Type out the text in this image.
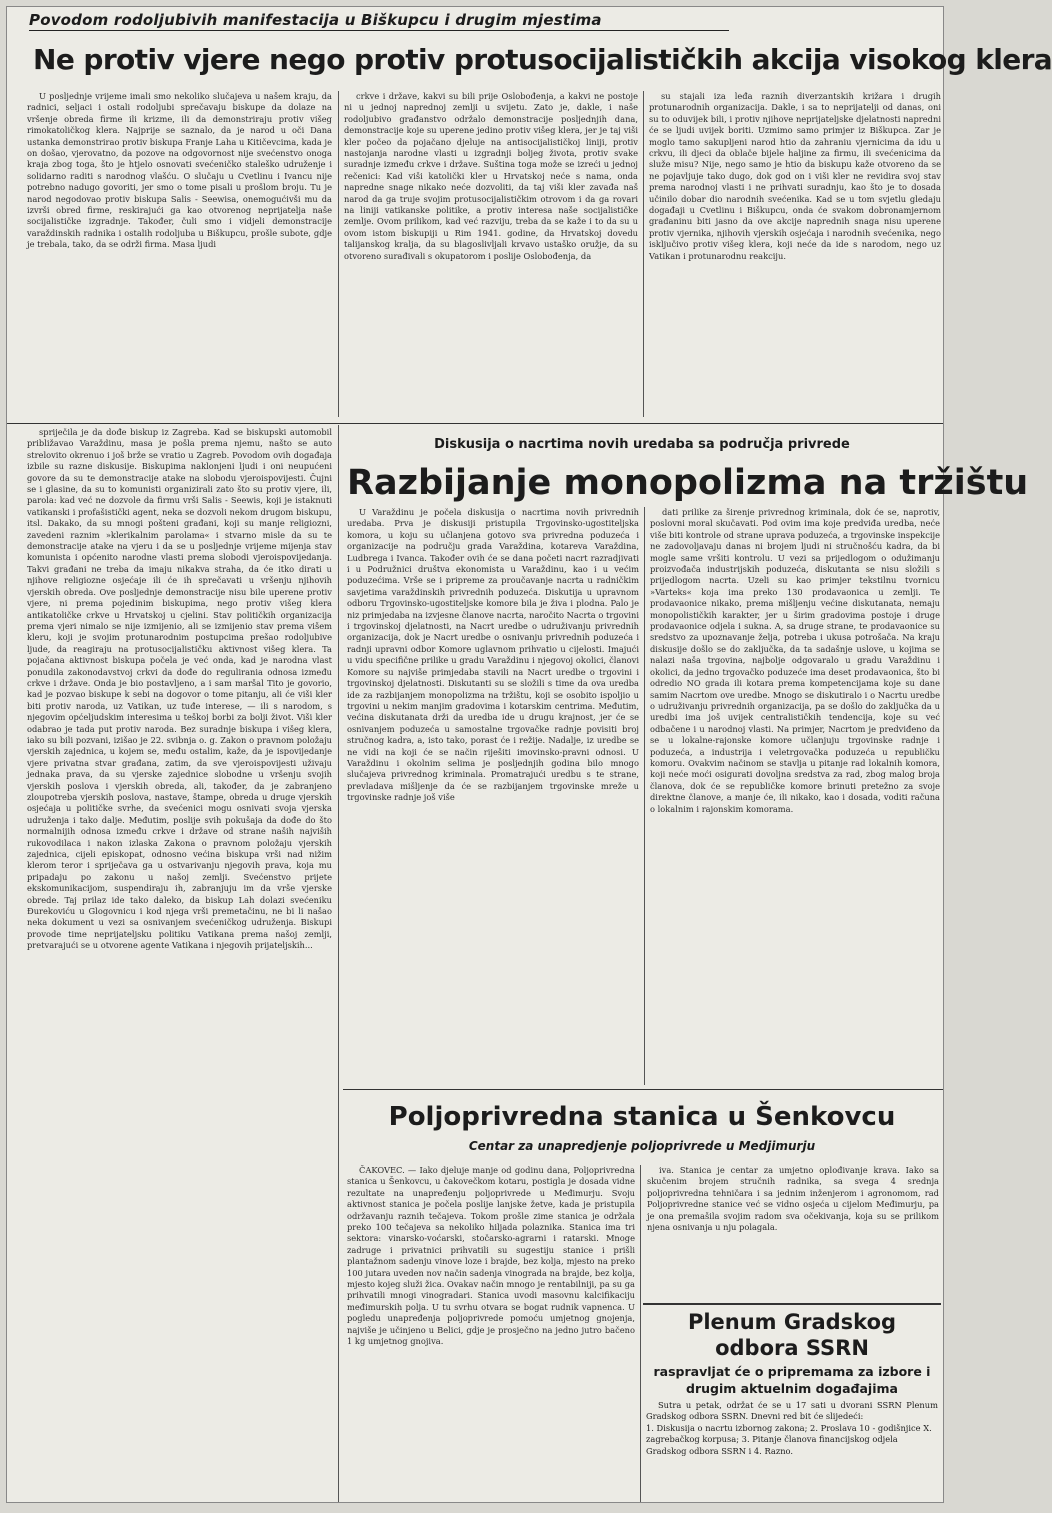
Povodom rodoljubivih manifestacija u Biškupcu i drugim mjestima
Ne protiv vjere nego protiv protusocijalističkih akcija visokog klera
U posljednje vrijeme imali smo nekoliko slučajeva u našem kraju, da radnici, seljaci i ostali rodoljubi sprečavaju biskupe da dolaze na vršenje obreda firme ili krizme, ili da demonstriraju protiv višeg rimokatoličkog klera. Najprije se saznalo, da je narod u oči Dana ustanka demonstrirao protiv biskupa Franje Laha u Kitičevcima, kada je on došao, vjerovatno, da pozove na odgovornost nije svećenstvo onoga kraja zbog toga, što je htjelo osnovati svećeničko staleško udruženje i solidarno raditi s narodnog vlašću. O slučaju u Cvetlinu i Ivancu nije potrebno nadugo govoriti, jer smo o tome pisali u prošlom broju. Tu je narod negodovao protiv biskupa Salis - Seewisa, onemogućivši mu da izvrši obred firme, reskirajući ga kao otvorenog neprijatelja naše socijalističke izgradnje. Također, čuli smo i vidjeli demonstracije varaždinskih radnika i ostalih rodoljuba u Biškupcu, prošle subote, gdje je trebala, tako, da se održi firma. Masa ljudi
crkve i države, kakvi su bili prije Oslobođenja, a kakvi ne postoje ni u jednoj naprednoj zemlji u svijetu. Zato je, dakle, i naše rodoljubivo građanstvo održalo demonstracije posljednjih dana, demonstracije koje su uperene jedino protiv višeg klera, jer je taj viši kler počeo da pojačano djeluje na antisocijalističkoj liniji, protiv nastojanja narodne vlasti u izgradnji boljeg života, protiv svake suradnje između crkve i države. Suština toga može se izreći u jednoj rečenici: Kad viši katolički kler u Hrvatskoj neće s nama, onda napredne snage nikako neće dozvoliti, da taj viši kler zavađa naš narod da ga truje svojim protusocijalističkim otrovom i da ga rovari na liniji vatikanske politike, a protiv interesa naše socijalističke zemlje. Ovom prilikom, kad već razviju, treba da se kaže i to da su u ovom istom biskupiji u Rim 1941. godine, da Hrvatskoj dovedu talijanskog kralja, da su blagoslivljali krvavo ustaško oružje, da su otvoreno surađivali s okupatorom i poslije Oslobođenja, da
su stajali iza leđa raznih diverzantskih križara i drugih protunarodnih organizacija. Dakle, i sa to neprijatelji od danas, oni su to oduvijek bili, i protiv njihove neprijateljske djelatnosti napredni će se ljudi uvijek boriti. Uzmimo samo primjer iz Biškupca. Zar je moglo tamo sakupljeni narod htio da zahraniu vjernicima da idu u crkvu, ili djeci da oblače bijele haljine za firmu, ili svećenicima da služe misu? Nije, nego samo je htio da biskupu kaže otvoreno da se ne pojavljuje tako dugo, dok god on i viši kler ne revidira svoj stav prema narodnoj vlasti i ne prihvati suradnju, kao što je to dosada učinilo dobar dio narodnih svećenika. Kad se u tom svjetlu gledaju događaji u Cvetlinu i Biškupcu, onda će svakom dobronamjernom građaninu biti jasno da ove akcije naprednih snaga nisu uperene protiv vjernika, njihovih vjerskih osjećaja i narodnih svećenika, nego isključivo protiv višeg klera, koji neće da ide s narodom, nego uz Vatikan i protunarodnu reakciju.
spriječila je da dođe biskup iz Zagreba. Kad se biskupski automobil približavao Varaždinu, masa je pošla prema njemu, našto se auto strelovito okrenuo i još brže se vratio u Zagreb. Povodom ovih događaja izbile su razne diskusije. Biskupima naklonjeni ljudi i oni neupućeni govore da su te demonstracije atake na slobodu vjeroispovijesti. Čujni se i glasine, da su to komunisti organizirali zato što su protiv vjere, ili, parola: kad već ne dozvole da firmu vrši Salis - Seewis, koji je istaknuti vatikanski i profašistički agent, neka se dozvoli nekom drugom biskupu, itsl. Dakako, da su mnogi pošteni građani, koji su manje religiozni, zavedeni raznim »klerikalnim parolama« i stvarno misle da su te demonstracije atake na vjeru i da se u posljednje vrijeme mijenja stav komunista i općenito narodne vlasti prema slobodi vjeroispovijedanja. Takvi građani ne treba da imaju nikakva straha, da će itko dirati u njihove religiozne osjećaje ili će ih sprečavati u vršenju njihovih vjerskih obreda. Ove posljednje demonstracije nisu bile uperene protiv vjere, ni prema pojedinim biskupima, nego protiv višeg klera antikatoličke crkve u Hrvatskoj u cjelini. Stav političkih organizacija prema vjeri nimalo se nije izmijenio, ali se izmijenio stav prema višem kleru, koji je svojim protunarodnim postupcima prešao rodoljubive ljude, da reagiraju na protusocijalističku aktivnost višeg klera. Ta pojačana aktivnost biskupa počela je već onda, kad je narodna vlast ponudila zakonodavstvoj crkvi da dođe do regulirania odnosa između crkve i države. Onda je bio postavljeno, a i sam maršal Tito je govorio, kad je pozvao biskupe k sebi na dogovor o tome pitanju, ali će viši kler biti protiv naroda, uz Vatikan, uz tuđe interese, — ili s narodom, s njegovim općeljudskim interesima u teškoj borbi za bolji život. Viši kler odabrao je tada put protiv naroda. Bez suradnje biskupa i višeg klera, iako su bili pozvani, izišao je 22. svibnja o. g. Zakon o pravnom položaju vjerskih zajednica, u kojem se, među ostalim, kaže, da je ispovijedanje vjere privatna stvar građana, zatim, da sve vjeroispovijesti uživaju jednaka prava, da su vjerske zajednice slobodne u vršenju svojih vjerskih poslova i vjerskih obreda, ali, također, da je zabranjeno zloupotreba vjerskih poslova, nastave, štampe, obreda u druge vjerskih osjećaja u političke svrhe, da svećenici mogu osnivati svoja vjerska udruženja i tako dalje. Međutim, poslije svih pokušaja da dođe do što normalnijih odnosa između crkve i države od strane naših najviših rukovodilaca i nakon izlaska Zakona o pravnom položaju vjerskih zajednica, cijeli episkopat, odnosno većina biskupa vrši nad nižim klerom teror i spriječava ga u ostvarivanju njegovih prava, koja mu pripadaju po zakonu u našoj zemlji. Svećenstvo prijete ekskomunikacijom, suspendiraju ih, zabranjuju im da vrše vjerske obrede. Taj prilaz ide tako daleko, da biskup Lah dolazi svećeniku Đurekoviću u Glogovnicu i kod njega vrši premetačinu, ne bi li našao neka dokument u vezi sa osnivanjem svećeničkog udruženja. Biskupi provode time neprijateljsku politiku Vatikana prema našoj zemlji, pretvarajući se u otvorene agente Vatikana i njegovih prijateljskih...
Diskusija o nacrtima novih uredaba sa područja privrede
Razbijanje monopolizma na tržištu
U Varaždinu je počela diskusija o nacrtima novih privrednih uredaba. Prva je diskusiji pristupila Trgovinsko-ugostiteljska komora, u koju su učlanjena gotovo sva privredna poduzeća i organizacije na području grada Varaždina, kotareva Varaždina, Ludbrega i Ivanca. Također ovih će se dana početi nacrt razradjivati i u Podružnici društva ekonomista u Varaždinu, kao i u većim poduzećima. Vrše se i pripreme za proučavanje nacrta u radničkim savjetima varaždinskih privrednih poduzeća. Diskutija u upravnom odboru Trgovinsko-ugostiteljske komore bila je živa i plodna. Palo je niz primjedaba na izvjesne članove nacrta, naročito Nacrta o trgovini i trgovinskoj djelatnosti, na Nacrt uredbe o udruživanju privrednih organizacija, dok je Nacrt uredbe o osnivanju privrednih poduzeća i radnji upravni odbor Komore uglavnom prihvatio u cijelosti. Imajući u vidu specifične prilike u gradu Varaždinu i njegovoj okolici, članovi Komore su najviše primjedaba stavili na Nacrt uredbe o trgovini i trgovinskoj djelatnosti. Diskutanti su se složili s time da ova uredba ide za razbijanjem monopolizma na tržištu, koji se osobito ispoljio u trgovini u nekim manjim gradovima i kotarskim centrima. Međutim, većina diskutanata drži da uredba ide u drugu krajnost, jer će se osnivanjem poduzeća u samostalne trgovačke radnje povisiti broj stručnog kadra, a, isto tako, porast će i režije. Nadalje, iz uredbe se ne vidi na koji će se način riješiti imovinsko-pravni odnosi. U Varaždinu i okolnim selima je posljednjih godina bilo mnogo slučajeva privrednog kriminala. Promatrajući uredbu s te strane, prevladava mišljenje da će se razbijanjem trgovinske mreže u trgovinske radnje još više
dati prilike za širenje privrednog kriminala, dok će se, naprotiv, poslovni moral skučavati. Pod ovim ima koje predviđa uredba, neće više biti kontrole od strane uprava poduzeća, a trgovinske inspekcije ne zadovoljavaju danas ni brojem ljudi ni stručnošću kadra, da bi mogle same vršiti kontrolu. U vezi sa prijedlogom o odužimanju proizvođača industrijskih poduzeća, diskutanta se nisu složili s prijedlogom nacrta. Uzeli su kao primjer tekstilnu tvornicu »Varteks« koja ima preko 130 prodavaonica u zemlji. Te prodavaonice nikako, prema mišljenju većine diskutanata, nemaju monopolističkih karakter, jer u širim gradovima postoje i druge prodavaonice odjela i sukna. A, sa druge strane, te prodavaonice su sredstvo za upoznavanje želja, potreba i ukusa potrošača. Na kraju diskusije došlo se do zaključka, da ta sadašnje uslove, u kojima se nalazi naša trgovina, najbolje odgovaralo u gradu Varaždinu i okolici, da jedno trgovačko poduzeće ima deset prodavaonica, što bi odredio NO grada ili kotara prema kompetencijama koje su dane samim Nacrtom ove uredbe. Mnogo se diskutiralo i o Nacrtu uredbe o udruživanju privrednih organizacija, pa se došlo do zaključka da u uredbi ima još uvijek centralističkih tendencija, koje su već odbačene i u narodnoj vlasti. Na primjer, Nacrtom je predviđeno da se u lokalne-rajonske komore učlanjuju trgovinske radnje i poduzeća, a industrija i veletrgovačka poduzeća u republičku komoru. Ovakvim načinom se stavlja u pitanje rad lokalnih komora, koji neće moći osigurati dovoljna sredstva za rad, zbog malog broja članova, dok će se republičke komore brinuti pretežno za svoje direktne članove, a manje će, ili nikako, kao i dosada, voditi računa o lokalnim i rajonskim komorama.
Poljoprivredna stanica u Šenkovcu
Centar za unapredjenje poljoprivrede u Medjimurju
ČAKOVEC. — Iako djeluje manje od godinu dana, Poljoprivredna stanica u Šenkovcu, u čakovečkom kotaru, postigla je dosada vidne rezultate na unapređenju poljoprivrede u Međimurju. Svoju aktivnost stanica je počela poslije lanjske žetve, kada je pristupila održavanju raznih tečajeva. Tokom prošle zime stanica je održala preko 100 tečajeva sa nekoliko hiljada polaznika. Stanica ima tri sektora: vinarsko-voćarski, stočarsko-agrarni i ratarski. Mnoge zadruge i privatnici prihvatili su sugestiju stanice i prišli plantažnom sadenju vinove loze i brajde, bez kolja, mjesto na preko 100 jutara uveden nov način sadenja vinograda na brajde, bez kolja, mjesto kojeg služi žica. Ovakav način mnogo je rentabilniji, pa su ga prihvatili mnogi vinogradari. Stanica uvodi masovnu kalcifikaciju međimurskih polja. U tu svrhu otvara se bogat rudnik vapnenca. U pogledu unapređenja poljoprivrede pomoću umjetnog gnojenja, najviše je učinjeno u Belici, gdje je prosječno na jedno jutro bačeno 1 kg umjetnog gnojiva.
iva. Stanica je centar za umjetno oplođivanje krava. Iako sa skučenim brojem stručnih radnika, sa svega 4 srednja poljoprivredna tehničara i sa jednim inženjerom i agronomom, rad Poljoprivredne stanice već se vidno osjeća u cijelom Međimurju, pa je ona premašila svojim radom sva očekivanja, koja su se prilikom njena osnivanja u nju polagala.
Plenum Gradskog
odbora SSRN
raspravljat će o pripremama za izbore i drugim aktuelnim događajima
Sutra u petak, održat će se u 17 sati u dvorani SSRN Plenum Gradskog odbora SSRN. Dnevni red bit će slijedeći:
1. Diskusija o nacrtu izbornog zakona; 2. Proslava 10 - godišnjice X. zagrebačkog korpusa; 3. Pitanje članova financijskog odjela Gradskog odbora SSRN i 4. Razno.
